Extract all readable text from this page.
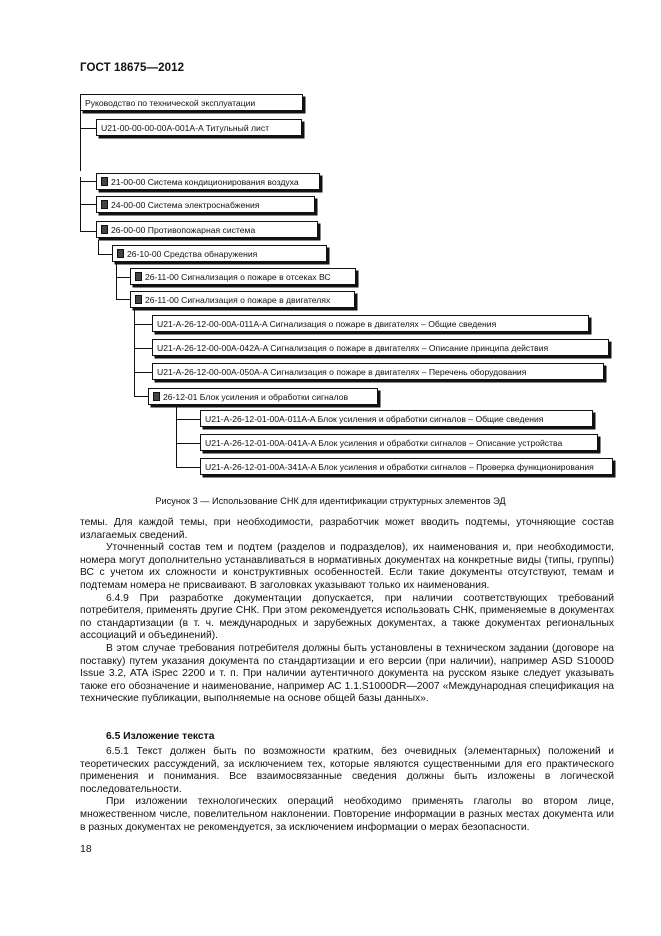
ГОСТ 18675—2012
Руководство по технической эксплуатации
U21-00-00-00-00A-001A-A Титульный лист
21-00-00 Система кондиционирования воздуха
24-00-00 Система электроснабжения
26-00-00 Противопожарная система
26-10-00 Средства обнаружения
26-11-00 Сигнализация о пожаре в отсеках ВС
26-11-00 Сигнализация о пожаре в двигателях
U21-A-26-12-00-00A-011A-A Сигнализация о пожаре в двигателях – Общие сведения
U21-A-26-12-00-00A-042A-A Сигнализация о пожаре в двигателях – Описание принципа действия
U21-A-26-12-00-00A-050A-A Сигнализация о пожаре в двигателях – Перечень оборудования
26-12-01 Блок усиления и обработки сигналов
U21-A-26-12-01-00A-011A-A Блок усиления и обработки сигналов – Общие сведения
U21-A-26-12-01-00A-041A-A Блок усиления и обработки сигналов – Описание устройства
U21-A-26-12-01-00A-341A-A Блок усиления и обработки сигналов – Проверка функционирования
Рисунок 3 — Использование СНК для идентификации структурных элементов ЭД

темы. Для каждой темы, при необходимости, разработчик может вводить подтемы, уточняющие состав излагаемых сведений.

Уточненный состав тем и подтем (разделов и подразделов), их наименования и, при необходимости, номера могут дополнительно устанавливаться в нормативных документах на конкретные виды (типы, группы) ВС с учетом их сложности и конструктивных особенностей. Если такие документы отсутствуют, темам и подтемам номера не присваивают. В заголовках указывают только их наименования.

6.4.9 При разработке документации допускается, при наличии соответствующих требований потребителя, применять другие СНК. При этом рекомендуется использовать СНК, применяемые в документах по стандартизации (в т. ч. международных и зарубежных документах, а также документах региональных ассоциаций и объединений).

В этом случае требования потребителя должны быть установлены в техническом задании (договоре на поставку) путем указания документа по стандартизации и его версии (при наличии), например ASD S1000D Issue 3.2, ATA iSpec 2200 и т. п. При наличии аутентичного документа на русском языке следует указывать также его обозначение и наименование, например АС 1.1.S1000DR—2007 «Международная спецификация на технические публикации, выполняемые на основе общей базы данных».

6.5 Изложение текста

6.5.1 Текст должен быть по возможности кратким, без очевидных (элементарных) положений и теоретических рассуждений, за исключением тех, которые являются существенными для его практического применения и понимания. Все взаимосвязанные сведения должны быть изложены в логической последовательности.

При изложении технологических операций необходимо применять глаголы во втором лице, множественном числе, повелительном наклонении. Повторение информации в разных местах документа или в разных документах не рекомендуется, за исключением информации о мерах безопасности.

18
